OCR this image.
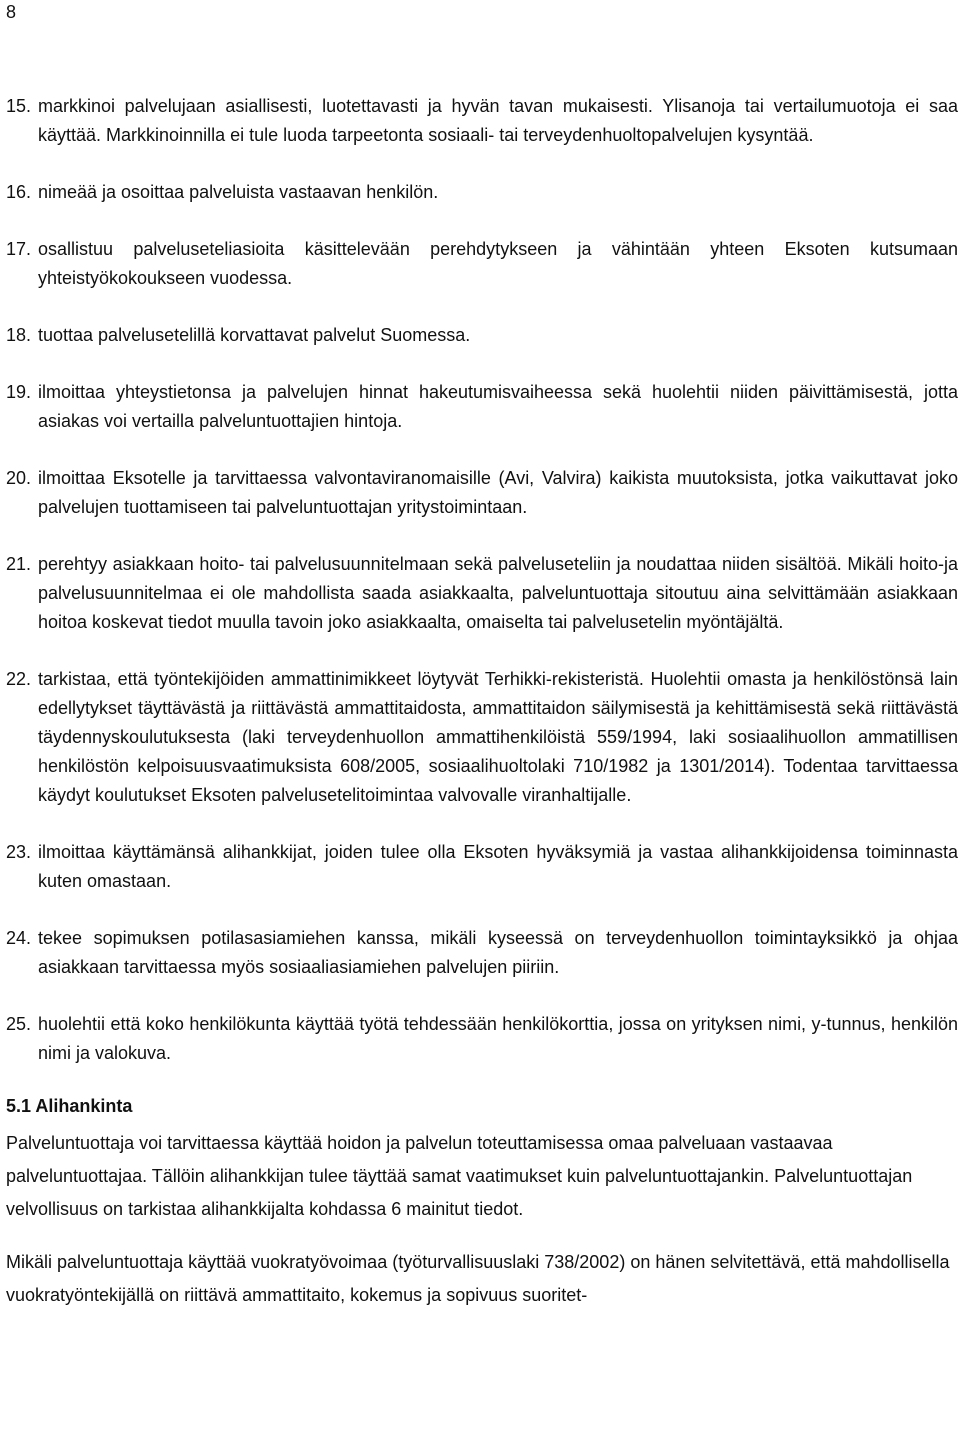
8
15. markkinoi palvelujaan asiallisesti, luotettavasti ja hyvän tavan mukaisesti. Ylisanoja tai vertailumuotoja ei saa käyttää. Markkinoinnilla ei tule luoda tarpeetonta sosiaali- tai terveydenhuoltopalvelujen kysyntää.
16. nimeää ja osoittaa palveluista vastaavan henkilön.
17. osallistuu palveluseteliasioita käsittelevään perehdytykseen ja vähintään yhteen Eksoten kutsumaan yhteistyökokoukseen vuodessa.
18. tuottaa palvelusetelillä korvattavat palvelut Suomessa.
19. ilmoittaa yhteystietonsa ja palvelujen hinnat hakeutumisvaiheessa sekä huolehtii niiden päivittämisestä, jotta asiakas voi vertailla palveluntuottajien hintoja.
20. ilmoittaa Eksotelle ja tarvittaessa valvontaviranomaisille (Avi, Valvira) kaikista muutoksista, jotka vaikuttavat joko palvelujen tuottamiseen tai palveluntuottajan yritystoimintaan.
21. perehtyy asiakkaan hoito- tai palvelusuunnitelmaan sekä palveluseteliin ja noudattaa niiden sisältöä. Mikäli hoito-ja palvelusuunnitelmaa ei ole mahdollista saada asiakkaalta, palveluntuottaja sitoutuu aina selvittämään asiakkaan hoitoa koskevat tiedot muulla tavoin joko asiakkaalta, omaiselta tai palvelusetelin myöntäjältä.
22. tarkistaa, että työntekijöiden ammattinimikkeet löytyvät Terhikki-rekisteristä. Huolehtii omasta ja henkilöstönsä lain edellytykset täyttävästä ja riittävästä ammattitaidosta, ammattitaidon säilymisestä ja kehittämisestä sekä riittävästä täydennyskoulutuksesta (laki terveydenhuollon ammattihenkilöistä 559/1994, laki sosiaalihuollon ammatillisen henkilöstön kelpoisuusvaatimuksista 608/2005, sosiaalihuoltolaki 710/1982 ja 1301/2014). Todentaa tarvittaessa käydyt koulutukset Eksoten palvelusetelitoimintaa valvovalle viranhaltijalle.
23. ilmoittaa käyttämänsä alihankkijat, joiden tulee olla Eksoten hyväksymiä ja vastaa alihankkijoidensa toiminnasta kuten omastaan.
24. tekee sopimuksen potilasasiamiehen kanssa, mikäli kyseessä on terveydenhuollon toimintayksikkö ja ohjaa asiakkaan tarvittaessa myös sosiaaliasiamiehen palvelujen piiriin.
25. huolehtii että koko henkilökunta käyttää työtä tehdessään henkilökorttia, jossa on yrityksen nimi, y-tunnus, henkilön nimi ja valokuva.
5.1 Alihankinta

Palveluntuottaja voi tarvittaessa käyttää hoidon ja palvelun toteuttamisessa omaa palveluaan vastaavaa palveluntuottajaa. Tällöin alihankkijan tulee täyttää samat vaatimukset kuin palveluntuottajankin. Palveluntuottajan velvollisuus on tarkistaa alihankkijalta kohdassa 6 mainitut tiedot.

Mikäli palveluntuottaja käyttää vuokratyövoimaa (työturvallisuuslaki 738/2002) on hänen selvitettävä, että mahdollisella vuokratyöntekijällä on riittävä ammattitaito, kokemus ja sopivuus suoritet-
